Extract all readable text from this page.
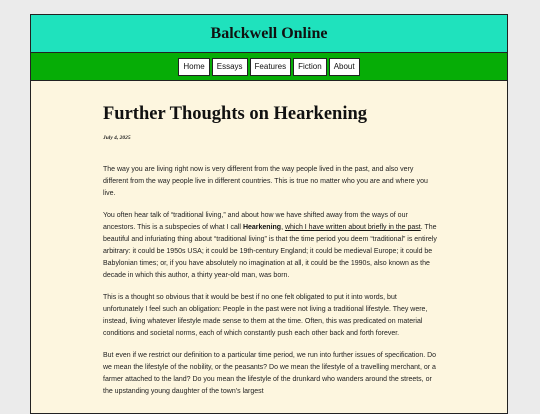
Balckwell Online
Home	Essays	Features	Fiction	About
Further Thoughts on Hearkening
July 4, 2025

The way you are living right now is very different from the way people lived in the past, and also very different from the way people live in different countries. This is true no matter who you are and where you live.

You often hear talk of “traditional living,” and about how we have shifted away from the ways of our ancestors. This is a subspecies of what I call Hearkening, which I have written about briefly in the past. The beautiful and infuriating thing about “traditional living” is that the time period you deem “traditional” is entirely arbitrary: it could be 1950s USA; it could be 19th-century England; it could be medieval Europe; it could be Babylonian times; or, if you have absolutely no imagination at all, it could be the 1990s, also known as the decade in which this author, a thirty year-old man, was born.

This is a thought so obvious that it would be best if no one felt obligated to put it into words, but unfortunately I feel such an obligation: People in the past were not living a traditional lifestyle. They were, instead, living whatever lifestyle made sense to them at the time. Often, this was predicated on material conditions and societal norms, each of which constantly push each other back and forth forever.

But even if we restrict our definition to a particular time period, we run into further issues of specification. Do we mean the lifestyle of the nobility, or the peasants? Do we mean the lifestyle of a travelling merchant, or a farmer attached to the land? Do you mean the lifestyle of the drunkard who wanders around the streets, or the upstanding young daughter of the town’s largest
